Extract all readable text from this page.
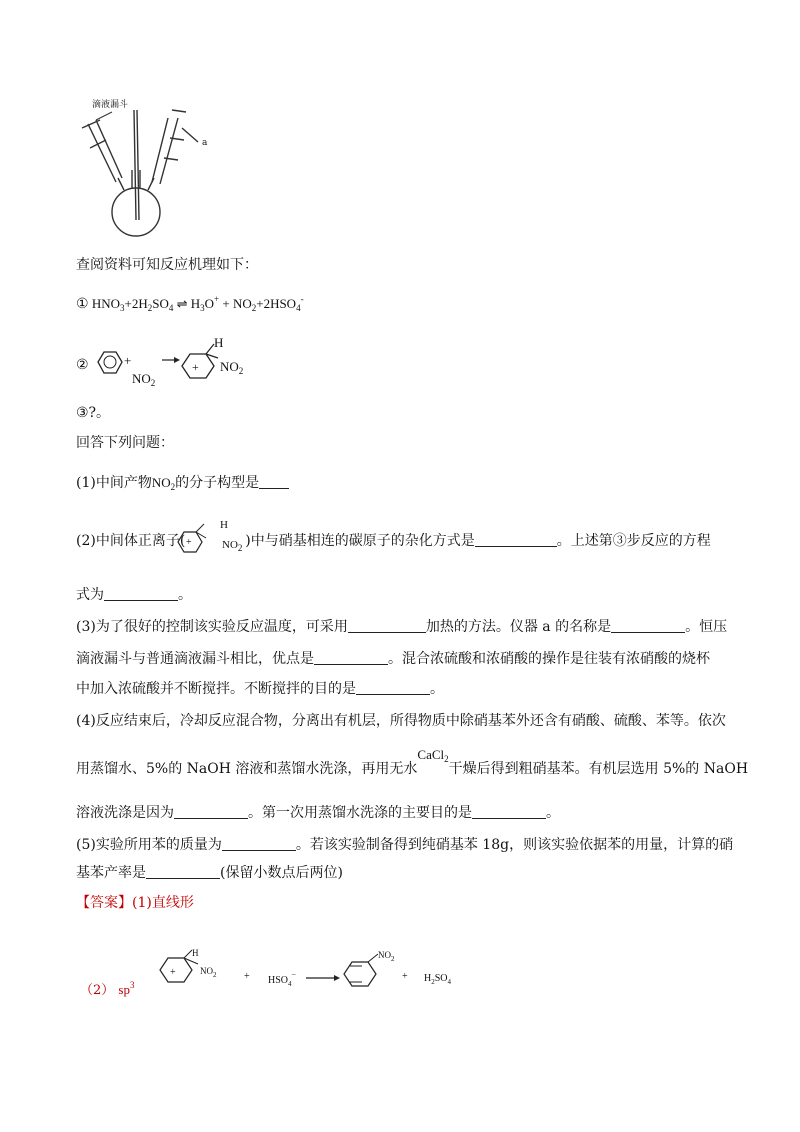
滴液漏斗
a
查阅资料可知反应机理如下：
① $HNO_3+2H_2SO_4$ ⇌ $H_3O^+ + NO_2+2HSO_4^-$
②	+
$NO_2$
+
H
$NO_2$
③?。
回答下列问题：
(1)中间产物$NO_2$的分子构型是
(2)中间体正离子(	)中与硝基相连的碳原子的杂化方式是	。上述第③步反应的方程
+
H
$NO_2$
式为	。
(3)为了很好的控制该实验反应温度，可采用	加热的方法。仪器 a 的名称是	。恒压
滴液漏斗与普通滴液漏斗相比，优点是	。混合浓硫酸和浓硝酸的操作是往装有浓硝酸的烧杯
中加入浓硫酸并不断搅拌。不断搅拌的目的是	。
(4)反应结束后，冷却反应混合物，分离出有机层，所得物质中除硝基苯外还含有硝酸、硫酸、苯等。依次
用蒸馏水、5%的 NaOH 溶液和蒸馏水洗涤，再用无水CaCl$_2$干燥后得到粗硝基苯。有机层选用 5%的 NaOH
溶液洗涤是因为	。第一次用蒸馏水洗涤的主要目的是	。
(5)实验所用苯的质量为	。若该实验制备得到纯硝基苯 18g，则该实验依据苯的用量，计算的硝
基苯产率是	(保留小数点后两位)
【答案】(1)直线形
（2） $sp^3$
+
H
$NO_2$	+ $HSO_4^-$
$NO_2$
+ $H_2SO_4$
